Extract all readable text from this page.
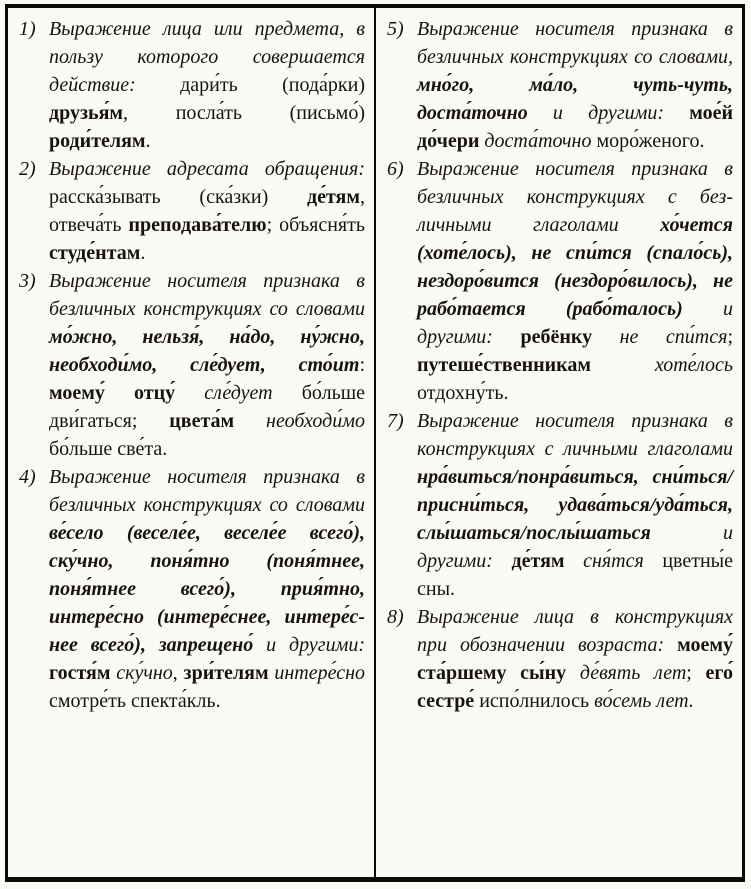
1) Выражение лица или предмета, в пользу которого совершается действие: дари́ть (пода́рки) друзья́м, посла́ть (письмо́) роди́телям.
2) Выражение адресата обращения: расска́зывать (ска́зки) де́тям, отвеча́ть преподава́телю; объясня́ть студе́нтам.
3) Выражение носителя признака в безличных конструкциях со словами мо́жно, нельзя́, на́до, ну́жно, необходи́мо, сле́дует, сто́ит: моему́ отцу́ сле́дует бо́льше дви́гаться; цвета́м необходи́мо бо́льше све́та.
4) Выражение носителя признака в безличных конструкциях со словами ве́село (веселе́е, веселе́е всего́), ску́чно, поня́тно (поня́тнее, поня́тнее всего́), прия́тно, интере́сно (интере́снее, интере́снее всего́), запрещено́ и другими: гостя́м ску́чно, зри́телям интере́сно смотре́ть спекта́кль.
5) Выражение носителя признака в безличных конструкциях со словами, мно́го, ма́ло, чуть-чуть, доста́точно и другими: мое́й до́чери доста́точно моро́женого.
6) Выражение носителя признака в безличных конструкциях с безличными глаголами хо́чется (хоте́лось), не спи́тся (спало́сь), нездоро́вится (нездоро́вилось), не рабо́тается (рабо́талось) и другими: ребёнку не спи́тся; путеше́ственникам хоте́лось отдохну́ть.
7) Выражение носителя признака в конструкциях с личными глаголами нра́виться/​понра́виться, сни́ться/​присни́ться, удава́ться/​уда́ться, слы́шаться/​послы́шаться и другими: де́тям сня́тся цветны́е сны.
8) Выражение лица в конструкциях при обозначении возраста: моему́ ста́ршему сы́ну де́вять лет; его́ сестре́ испо́лнилось во́семь лет.
